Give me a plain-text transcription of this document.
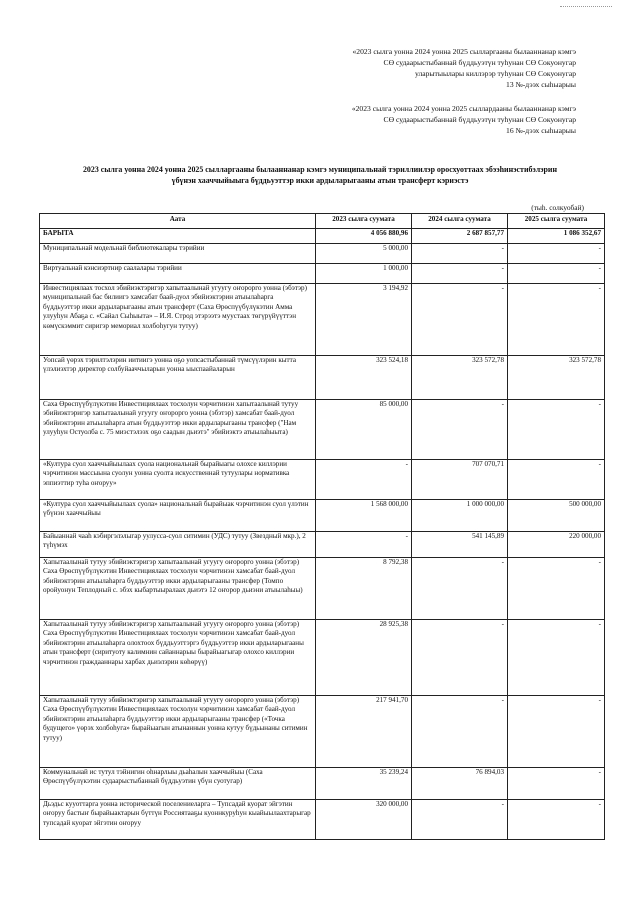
«2023 сылга уонна 2024 уонна 2025 сылларгааны былааннанар кэмгэ
СӨ судаарыстыбаннай бүддьуэтүн туһунан СӨ Сокуонугар
уларытыылары киллэрэр туһунан СӨ Сокуонугар
13 №-дээх сыһыарыы
«2023 сылга уонна 2024 уонна 2025 сыллардааны былааннанар кэмгэ
СӨ судаарыстыбаннай бүддьуэтүн туһунан СӨ Сокуонугар
16 №-дээх сыһыарыы
2023 сылга уонна 2024 уонна 2025 сылларгааны былааннанар кэмгэ муниципальнай тэриллиилэр оросхуоттаах эбээһинэстибэлэрин
үбүнэн хааччыйыыга бүддьуэттэр икки ардыларыгааны атын трансферт кэриэстэ
(тыһ. солкуобай)
Аата	2023 сылга суумата	2024 сылга суумата	2025 сылга суумата
БАРЫТА	4 056 880,96	2 687 857,77	1 086 352,67
Муниципальнай модельнай библиотекалары тэрийии	5 000,00	-	-
Виртуальнай кэнсиэртнир саалалары тэрийии	1 000,00	-	-
Инвестициялаах тосхол эбийиэктэригэр хапытаалынай угуугу оҥорорго уонна (эбэтэр) муниципальнай бас билиигэ хамсабат баай-дуол эбийиэктэрин атыылаһарга бүддьуэттэр икки ардыларыгааны атын трансферт (Саха Өрөспүүбүлүкэтин Амма улууһун Абаҕа с. «Сайал Сыһыыта» – И.Я. Строд этэрээтэ муустаах төгүрүйүүттэн көмүскэммит сиригэр мемориал холбоһугун тутуу)	3 194,92	-	-
Уопсай үөрэх тэрилтэлэрин иитиигэ уонна оҕо уопсастыбаннай түмсүүлэрин кытта үлэлиэхтэр директор солбуйааччыларын уонна ыыспаайаларын	323 524,18	323 572,78	323 572,78
Саха Өрөспүүбүлүкэтин Инвестициялаах тосхолун чэрчитинэн хапытаалынай тутуу эбийиэктэригэр хапытаалынай угуугу оҥорорго уонна (эбэтэр) хамсабат баай-дуол эбийиэктэрин атыылаһарга атын бүддьуэттэр икки ардыларыгааны трансфер ("Нам улууһун Остуолба с. 75 миэстэлээх оҕо саадын дьиэтэ" эбийиэктэ атыылаһыыта)	85 000,00	-	-
«Култура суол хааччыйыылаах суола национальнай бырайыагы олохсе киллэрии чэрчитинэн массыына суолун уонна суолта искусственнай тутуулары нормативка эппиэттир туһа оҥоруу»	-	707 070,71	-
«Култура суол хааччыйыылаах суола» национальнай бырайыак чэрчитинэн суол үлэтин үбүнэн хааччыйыы	1 568 000,00	1 000 000,00	500 000,00
Байыаннай чааһ кэбиргэлэлыгар уулусса-суол ситимин (УДС) тутуу (Звездный мкр.), 2 түһүмэх	-	541 145,89	220 000,00
Хапытаалынай тутуу эбийиэктэригэр хапытаалынай угуугу оҥорорго уонна (эбэтэр) Саха Өрөспүүбүлүкэтин Инвестициялаах тосхолун чэрчитинэн хамсабат баай-дуол эбийиэктэрин атыылаһарга бүддьуэттэр икки ардыларыгааны трансфер (Томпо оройуонун Теплодный с. эбэх кыбартыыралаах дьиэтэ 12 оҥорор дьиэни атыылаһыы)	8 792,38	-	-
Хапытаалынай тутуу эбийиэктэригэр хапытаалынай угуугу оҥорорго уонна (эбэтэр) Саха Өрөспүүбүлүкэтин Инвестициялаах тосхолун чэрчитинэн хамсабат баай-дуол эбийиэктэрин атыылаһарга олохтоох бүддьуэттэргэ бүддьуэттэр икки ардыларыгааны атын трансферт (сиритуоту калимнин сайаннарыы бырайыагыгар олохсо киллэрии чэрчитинэн граждааннары харбах дьиэлэрин көһөрүү)	28 925,38	-	-
Хапытаалынай тутуу эбийиэктэригэр хапытаалынай угуугу оҥорорго уонна (эбэтэр) Саха Өрөспүүбүлүкэтин Инвестициялаах тосхолун чэрчитинэн хамсабат баай-дуол эбийиэктэрин атыылаһарга бүддьуэттэр икки ардыларыгааны трансфер («Точка будущего» үөрэх холбоһуга» бырайыагын атынаннын уонна кутуу бүдьынаны ситимин тутуу)	217 941,70	-	-
Коммунальнай ис тутул тэйнигин оһнарлыы дьаһалын хааччыйыы (Саха Өрөспүүбүлүкэтин судаарыстыбаннай бүддьуэтин үбүн суотугар)	35 239,24	76 894,03	-
Дьэдьс кууоттарга уонна исторической поселениеларга – Тупсадай куорат эйгэтин оҥоруу бастыҥ бырайыактарын бүттүн Россиятааҕы куоннкуруһун кыайыылаахтарыгар тупсадай куорат эйгэтин оҥоруу	320 000,00	-	-
